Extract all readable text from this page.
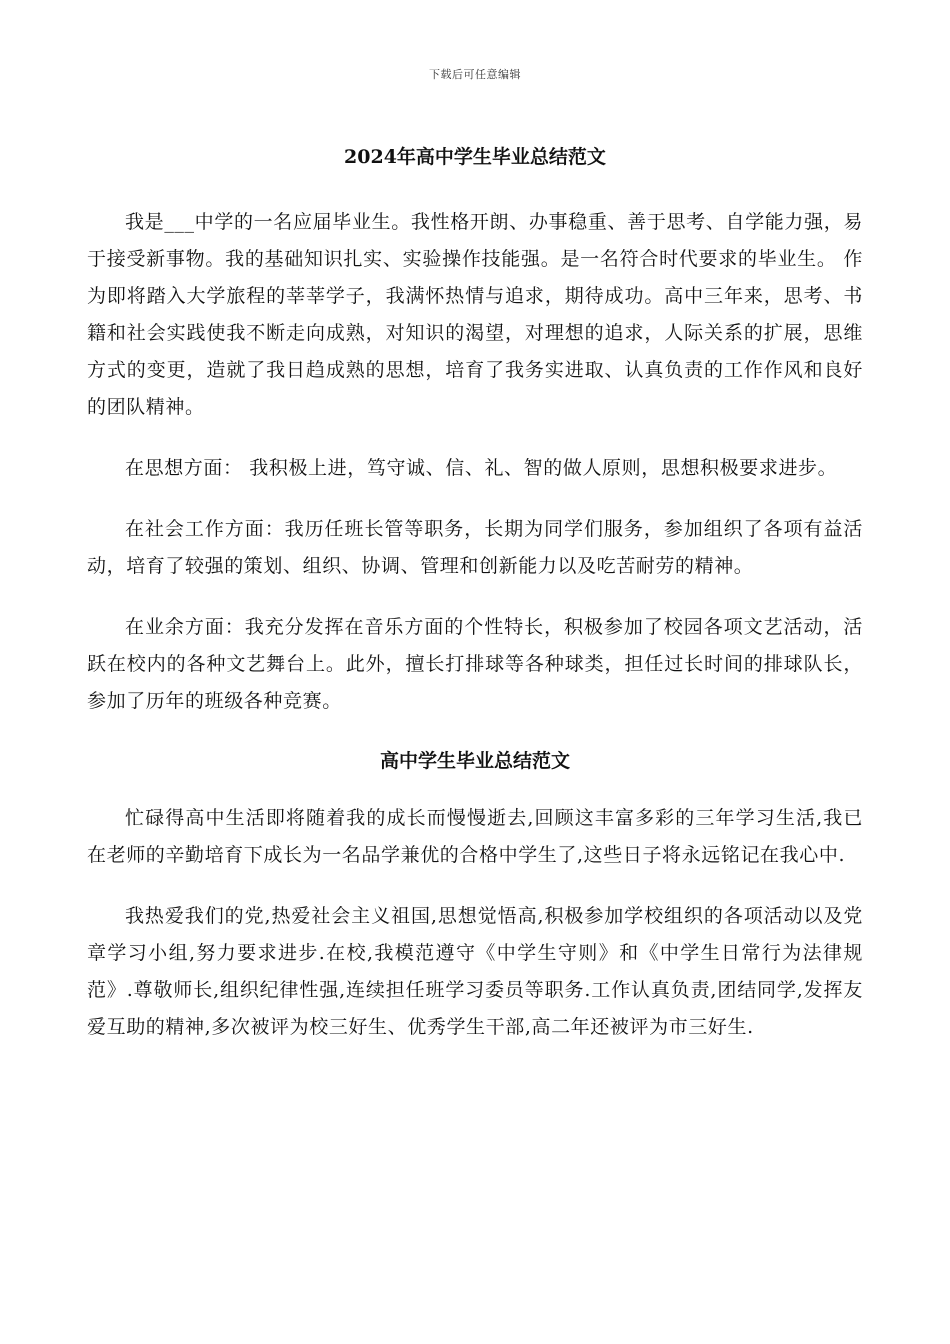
下载后可任意编辑
2024年高中学生毕业总结范文

我是___中学的一名应届毕业生。我性格开朗、办事稳重、善于思考、自学能力强，易于接受新事物。我的基础知识扎实、实验操作技能强。是一名符合时代要求的毕业生。 作为即将踏入大学旅程的莘莘学子，我满怀热情与追求，期待成功。高中三年来，思考、书籍和社会实践使我不断走向成熟，对知识的渴望，对理想的追求，人际关系的扩展，思维方式的变更，造就了我日趋成熟的思想，培育了我务实进取、认真负责的工作作风和良好的团队精神。

在思想方面： 我积极上进，笃守诚、信、礼、智的做人原则，思想积极要求进步。

在社会工作方面：我历任班长管等职务，长期为同学们服务，参加组织了各项有益活动，培育了较强的策划、组织、协调、管理和创新能力以及吃苦耐劳的精神。

在业余方面：我充分发挥在音乐方面的个性特长，积极参加了校园各项文艺活动，活跃在校内的各种文艺舞台上。此外，擅长打排球等各种球类，担任过长时间的排球队长，参加了历年的班级各种竞赛。

高中学生毕业总结范文

忙碌得高中生活即将随着我的成长而慢慢逝去,回顾这丰富多彩的三年学习生活,我已在老师的辛勤培育下成长为一名品学兼优的合格中学生了,这些日子将永远铭记在我心中.

我热爱我们的党,热爱社会主义祖国,思想觉悟高,积极参加学校组织的各项活动以及党章学习小组,努力要求进步.在校,我模范遵守《中学生守则》和《中学生日常行为法律规范》.尊敬师长,组织纪律性强,连续担任班学习委员等职务.工作认真负责,团结同学,发挥友爱互助的精神,多次被评为校三好生、优秀学生干部,高二年还被评为市三好生.
